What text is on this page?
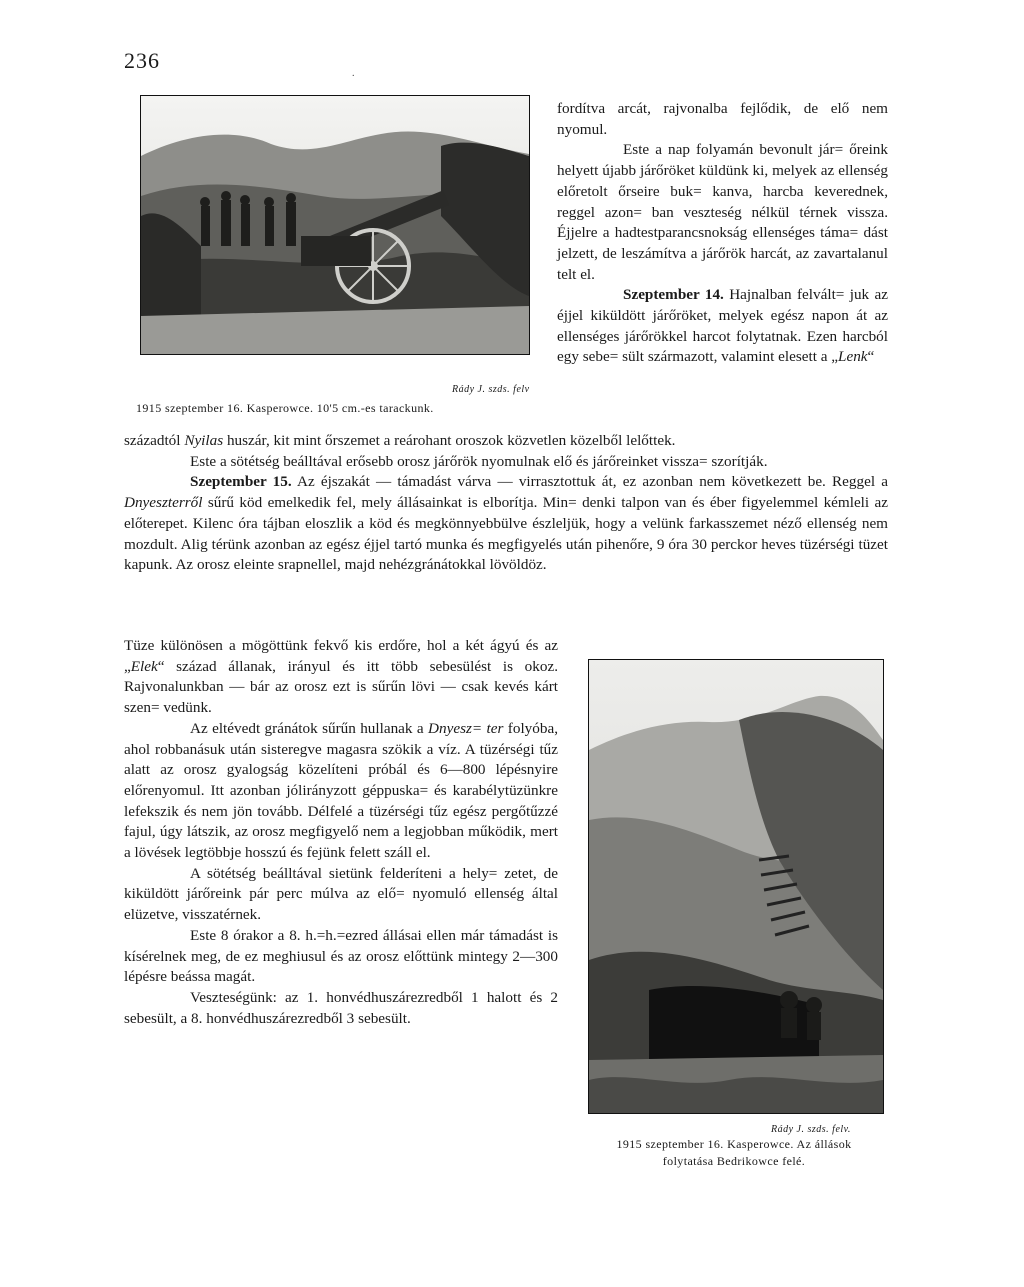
236
.
Rády J. szds. felv
1915 szeptember 16. Kasperowce. 10'5 cm.-es tarackunk.

fordítva arcát, rajvonalba fejlődik, de elő nem nyomul.

Este a nap folyamán bevonult jár= őreink helyett újabb járőröket küldünk ki, melyek az ellenség előretolt őrseire buk= kanva, harcba keverednek, reggel azon= ban veszteség nélkül térnek vissza. Éjjelre a hadtestparancsnokság ellenséges táma= dást jelzett, de leszámítva a járőrök harcát, az zavartalanul telt el.

Szeptember 14. Hajnalban felvált= juk az éjjel kiküldött járőröket, melyek egész napon át az ellenséges járőrökkel harcot folytatnak. Ezen harcból egy sebe= sült származott, valamint elesett a „Lenk“

századtól Nyilas huszár, kit mint őrszemet a reárohant oroszok közvetlen közelből lelőttek.

Este a sötétség beálltával erősebb orosz járőrök nyomulnak elő és járőreinket vissza= szorítják.

Szeptember 15. Az éjszakát — támadást várva — virrasztottuk át, ez azonban nem következett be. Reggel a Dnyeszterről sűrű köd emelkedik fel, mely állásainkat is elborítja. Min= denki talpon van és éber figyelemmel kémleli az előterepet. Kilenc óra tájban eloszlik a köd és megkönnyebbülve észleljük, hogy a velünk farkasszemet néző ellenség nem mozdult. Alig térünk azonban az egész éjjel tartó munka és megfigyelés után pihenőre, 9 óra 30 perckor heves tüzérségi tüzet kapunk. Az orosz eleinte srapnellel, majd nehézgránátokkal lövöldöz.

Tüze különösen a mögöttünk fekvő kis erdőre, hol a két ágyú és az „Elek“ század állanak, irányul és itt több sebesülést is okoz. Rajvonalunkban — bár az orosz ezt is sűrűn lövi — csak kevés kárt szen= vedünk.

Az eltévedt gránátok sűrűn hullanak a Dnyesz= ter folyóba, ahol robbanásuk után sisteregve magasra szökik a víz. A tüzérségi tűz alatt az orosz gyalogság közelíteni próbál és 6—800 lépésnyire előrenyomul. Itt azonban jólirányzott géppuska= és karabélytüzünkre lefekszik és nem jön tovább. Délfelé a tüzérségi tűz egész pergőtűzzé fajul, úgy látszik, az orosz megfigyelő nem a legjobban működik, mert a lövések legtöbbje hosszú és fejünk felett száll el.

A sötétség beálltával sietünk felderíteni a hely= zetet, de kiküldött járőreink pár perc múlva az elő= nyomuló ellenség által elüzetve, visszatérnek.

Este 8 órakor a 8. h.=h.=ezred állásai ellen már támadást is kísérelnek meg, de ez meghiusul és az orosz előttünk mintegy 2—300 lépésre beássa magát.

Veszteségünk: az 1. honvédhuszárezredből 1 halott és 2 sebesült, a 8. honvédhuszárezredből 3 sebesült.

Rády J. szds. felv.
1915 szeptember 16. Kasperowce. Az állások
folytatása Bedrikowce felé.
